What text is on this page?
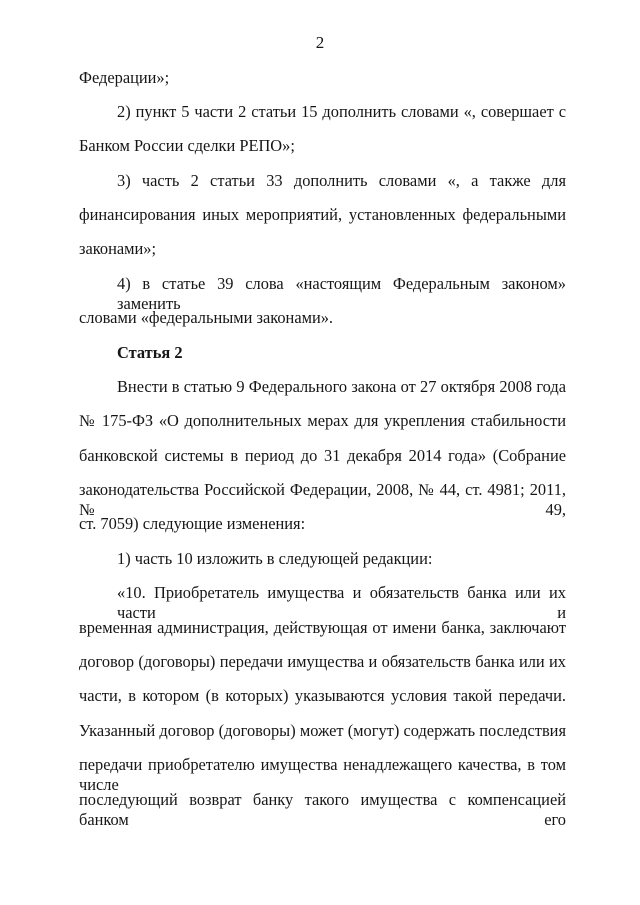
2
Федерации»;
2) пункт 5 части 2 статьи 15 дополнить словами «, совершает с
Банком России сделки РЕПО»;
3) часть 2 статьи 33 дополнить словами «, а также для
финансирования иных мероприятий, установленных федеральными
законами»;
4) в статье 39 слова «настоящим Федеральным законом» заменить
словами «федеральными законами».
Статья 2
Внести в статью 9 Федерального закона от 27 октября 2008 года
№ 175-ФЗ «О дополнительных мерах для укрепления стабильности
банковской системы в период до 31 декабря 2014 года» (Собрание
законодательства Российской Федерации, 2008, № 44, ст. 4981; 2011, № 49,
ст. 7059) следующие изменения:
1) часть 10 изложить в следующей редакции:
«10. Приобретатель имущества и обязательств банка или их части и
временная администрация, действующая от имени банка, заключают
договор (договоры) передачи имущества и обязательств банка или их
части, в котором (в которых) указываются условия такой передачи.
Указанный договор (договоры) может (могут) содержать последствия
передачи приобретателю имущества ненадлежащего качества, в том числе
последующий возврат банку такого имущества с компенсацией банком его
